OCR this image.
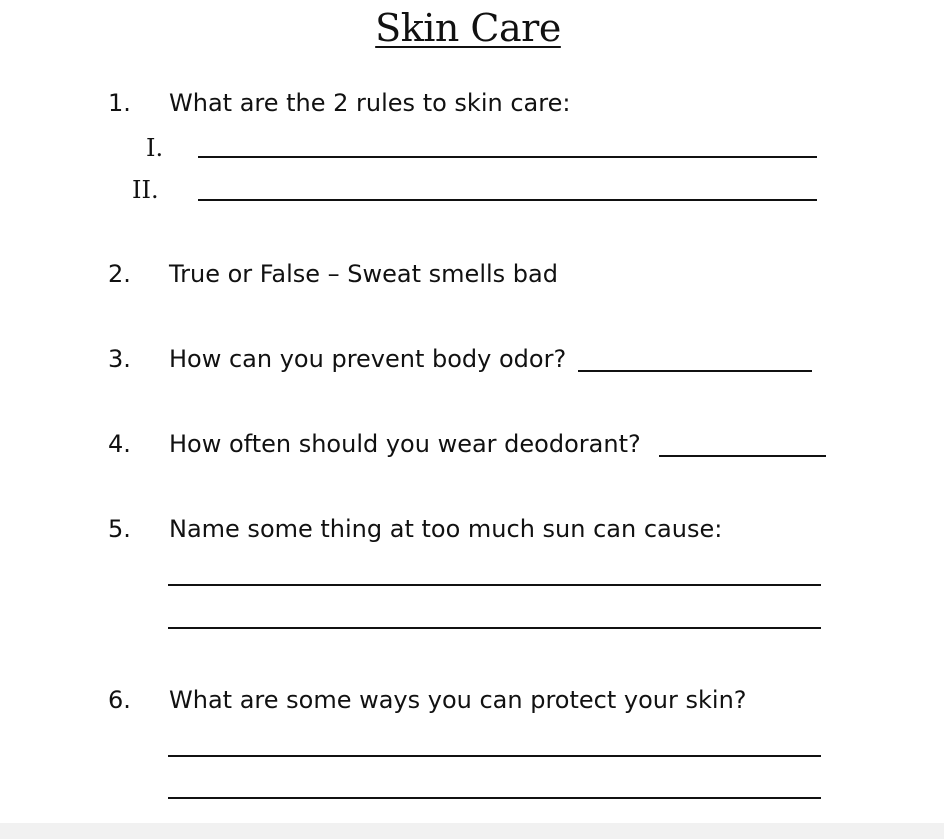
Skin Care
1. What are the 2 rules to skin care:
I.
II.
2. True or False – Sweat smells bad
3. How can you prevent body odor?
4. How often should you wear deodorant?
5. Name some thing at too much sun can cause:
6. What are some ways you can protect your skin?
